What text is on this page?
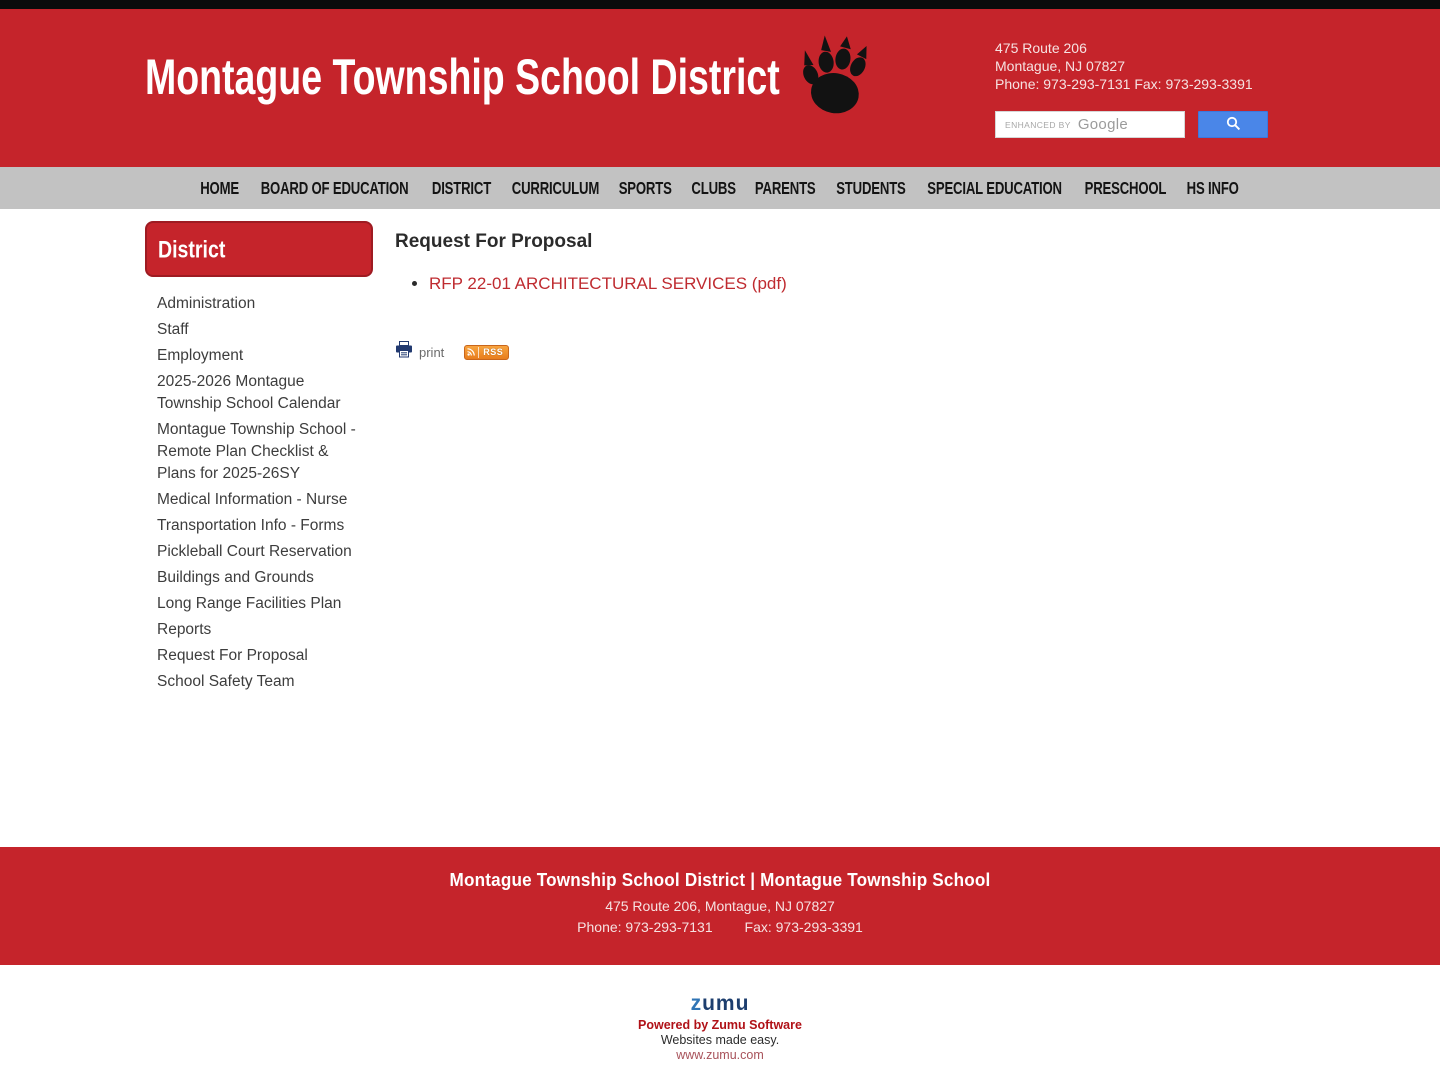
Montague Township School District
475 Route 206
Montague, NJ 07827
Phone: 973-293-7131 Fax: 973-293-3391
ENHANCED BY Google
HOME	BOARD OF EDUCATION	DISTRICT	CURRICULUM	SPORTS	CLUBS	PARENTS	STUDENTS	SPECIAL EDUCATION	PRESCHOOL	HS INFO
District
Administration
Staff
Employment
2025-2026 Montague Township School Calendar
Montague Township School - Remote Plan Checklist & Plans for 2025-26SY
Medical Information - Nurse
Transportation Info - Forms
Pickleball Court Reservation
Buildings and Grounds
Long Range Facilities Plan
Reports
Request For Proposal
School Safety Team
Request For Proposal
• RFP 22-01 ARCHITECTURAL SERVICES (pdf)
print	RSS
Montague Township School District | Montague Township School
475 Route 206, Montague, NJ 07827
Phone: 973-293-7131 Fax: 973-293-3391
zumu
Powered by Zumu Software
Websites made easy.
www.zumu.com
